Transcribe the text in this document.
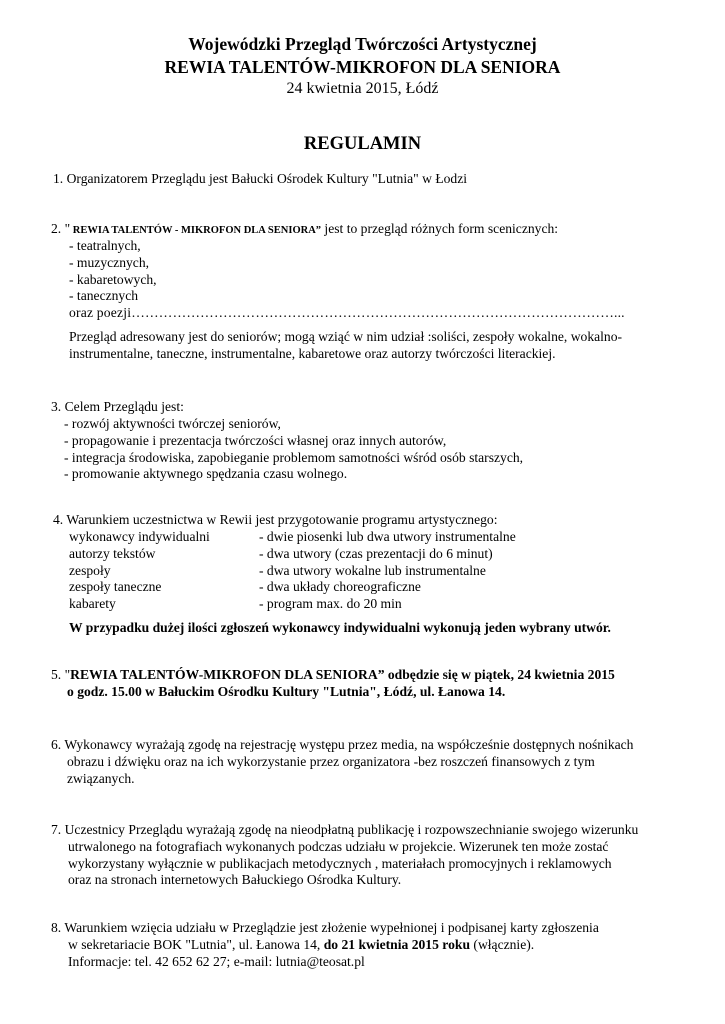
Wojewódzki Przegląd Twórczości Artystycznej
REWIA TALENTÓW-MIKROFON DLA SENIORA
24 kwietnia 2015, Łódź
REGULAMIN
1. Organizatorem Przeglądu jest Bałucki Ośrodek Kultury "Lutnia" w Łodzi
2. " REWIA TALENTÓW - MIKROFON DLA SENIORA” jest to przegląd różnych form scenicznych:
- teatralnych,
- muzycznych,
- kabaretowych,
- tanecznych
oraz poezji……………………………………………………………………………………………...
Przegląd adresowany jest do seniorów; mogą wziąć w nim udział :soliści, zespoły wokalne, wokalno-
instrumentalne, taneczne, instrumentalne, kabaretowe oraz autorzy twórczości literackiej.
3. Celem Przeglądu jest:
- rozwój aktywności twórczej seniorów,
- propagowanie i prezentacja twórczości własnej oraz innych autorów,
- integracja środowiska, zapobieganie problemom samotności wśród osób starszych,
- promowanie aktywnego spędzania czasu wolnego.
4. Warunkiem uczestnictwa w Rewii jest przygotowanie programu artystycznego:
wykonawcy indywidualni	- dwie piosenki lub dwa utwory instrumentalne
autorzy tekstów	- dwa utwory (czas prezentacji do 6 minut)
zespoły	- dwa utwory wokalne lub instrumentalne
zespoły taneczne	- dwa układy choreograficzne
kabarety	- program max. do 20 min
W przypadku dużej ilości zgłoszeń wykonawcy indywidualni wykonują jeden wybrany utwór.
5. "REWIA TALENTÓW-MIKROFON DLA SENIORA” odbędzie się w piątek, 24 kwietnia 2015
o godz. 15.00 w Bałuckim Ośrodku Kultury "Lutnia", Łódź, ul. Łanowa 14.
6. Wykonawcy wyrażają zgodę na rejestrację występu przez media, na współcześnie dostępnych nośnikach
obrazu i dźwięku oraz na ich wykorzystanie przez organizatora -bez roszczeń finansowych z tym
związanych.
7. Uczestnicy Przeglądu wyrażają zgodę na nieodpłatną publikację i rozpowszechnianie swojego wizerunku
utrwalonego na fotografiach wykonanych podczas udziału w projekcie. Wizerunek ten może zostać
wykorzystany wyłącznie w publikacjach metodycznych , materiałach promocyjnych i reklamowych
oraz na stronach internetowych Bałuckiego Ośrodka Kultury.
8. Warunkiem wzięcia udziału w Przeglądzie jest złożenie wypełnionej i podpisanej karty zgłoszenia
w sekretariacie BOK "Lutnia", ul. Łanowa 14, do 21 kwietnia 2015 roku (włącznie).
Informacje: tel. 42 652 62 27; e-mail: lutnia@teosat.pl
